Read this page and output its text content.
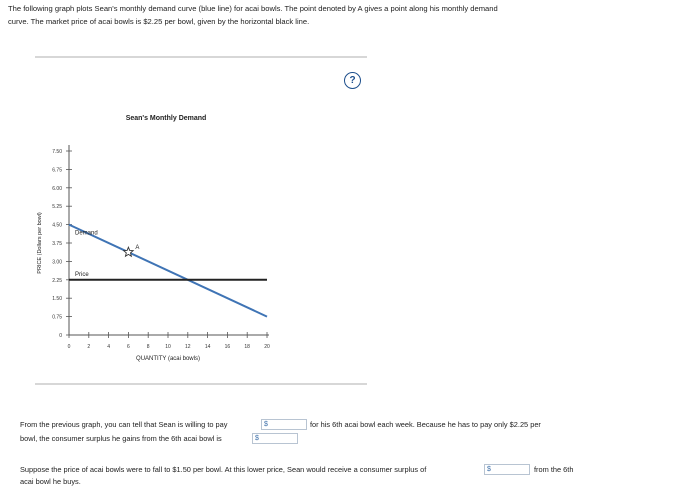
The following graph plots Sean's monthly demand curve (blue line) for acai bowls. The point denoted by A gives a point along his monthly demand
curve. The market price of acai bowls is $2.25 per bowl, given by the horizontal black line.
?
Sean's Monthly Demand
0
0.75
1.50
2.25
3.00
3.75
4.50
5.25
6.00
6.75
7.50
0	2	4	6	8	10	12	14	16	18	20
Demand
Price
A
QUANTITY (acai bowls)
PRICE (Dollars per bowl)
From the previous graph, you can tell that Sean is willing to pay	$	for his 6th acai bowl each week. Because he has to pay only $2.25 per
bowl, the consumer surplus he gains from the 6th acai bowl is	$
Suppose the price of acai bowls were to fall to $1.50 per bowl. At this lower price, Sean would receive a consumer surplus of	$	from the 6th
acai bowl he buys.
